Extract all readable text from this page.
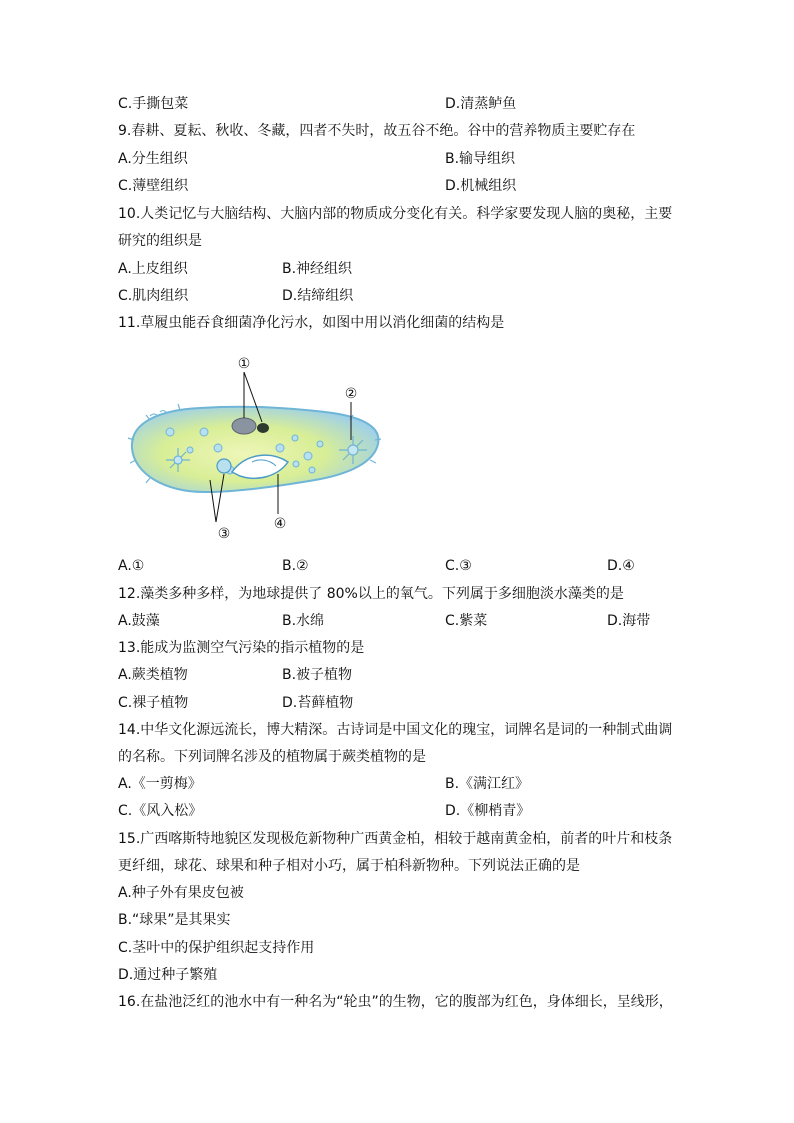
C.手撕包菜	D.清蒸鲈鱼
9.春耕、夏耘、秋收、冬藏，四者不失时，故五谷不绝。谷中的营养物质主要贮存在
A.分生组织	B.输导组织
C.薄壁组织	D.机械组织
10.人类记忆与大脑结构、大脑内部的物质成分变化有关。科学家要发现人脑的奥秘，主要
研究的组织是
A.上皮组织	B.神经组织
C.肌肉组织	D.结缔组织
11.草履虫能吞食细菌净化污水，如图中用以消化细菌的结构是
①
②
③
④
A.①	B.②	C.③	D.④
12.藻类多种多样，为地球提供了 80%以上的氧气。下列属于多细胞淡水藻类的是
A.鼓藻	B.水绵	C.紫菜	D.海带
13.能成为监测空气污染的指示植物的是
A.蕨类植物	B.被子植物
C.裸子植物	D.苔藓植物
14.中华文化源远流长，博大精深。古诗词是中国文化的瑰宝，词牌名是词的一种制式曲调
的名称。下列词牌名涉及的植物属于蕨类植物的是
A.《一剪梅》	B.《满江红》
C.《风入松》	D.《柳梢青》
15.广西喀斯特地貌区发现极危新物种广西黄金柏，相较于越南黄金柏，前者的叶片和枝条
更纤细，球花、球果和种子相对小巧，属于柏科新物种。下列说法正确的是
A.种子外有果皮包被
B.“球果”是其果实
C.茎叶中的保护组织起支持作用
D.通过种子繁殖
16.在盐池泛红的池水中有一种名为“轮虫”的生物，它的腹部为红色，身体细长，呈线形，
